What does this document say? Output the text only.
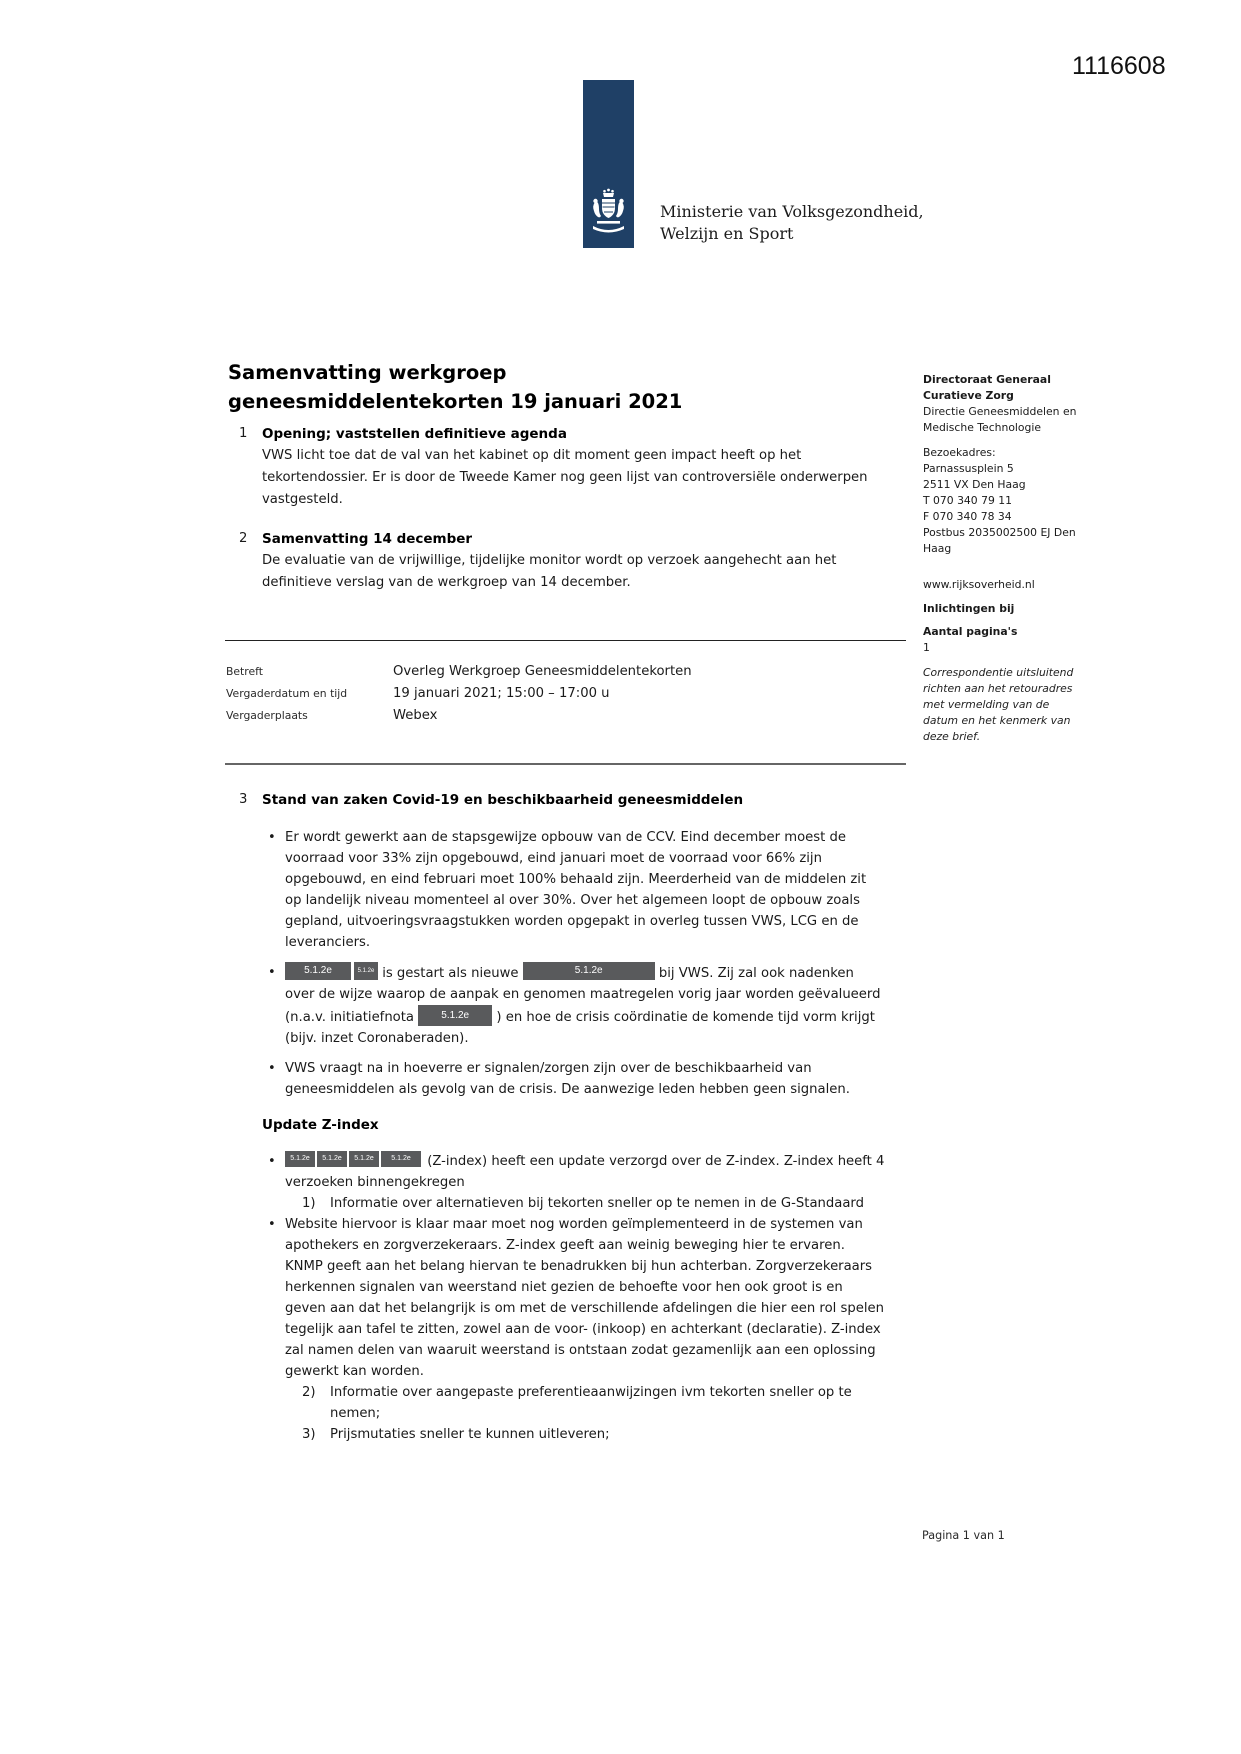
1116608
Ministerie van Volksgezondheid,
Welzijn en Sport
Samenvatting werkgroep
geneesmiddelentekorten 19 januari 2021
1	Opening; vaststellen definitieve agenda
VWS licht toe dat de val van het kabinet op dit moment geen impact heeft op het tekortendossier. Er is door de Tweede Kamer nog geen lijst van controversiële onderwerpen vastgesteld.
2	Samenvatting 14 december
De evaluatie van de vrijwillige, tijdelijke monitor wordt op verzoek aangehecht aan het definitieve verslag van de werkgroep van 14 december.
Betreft	Overleg Werkgroep Geneesmiddelentekorten
Vergaderdatum en tijd	19 januari 2021; 15:00 – 17:00 u
Vergaderplaats	Webex
3	Stand van zaken Covid-19 en beschikbaarheid geneesmiddelen
• Er wordt gewerkt aan de stapsgewijze opbouw van de CCV. Eind december moest de voorraad voor 33% zijn opgebouwd, eind januari moet de voorraad voor 66% zijn opgebouwd, en eind februari moet 100% behaald zijn. Meerderheid van de middelen zit op landelijk niveau momenteel al over 30%. Over het algemeen loopt de opbouw zoals gepland, uitvoeringsvraagstukken worden opgepakt in overleg tussen VWS, LCG en de leveranciers.
•	5.1.2e	5.1.2e is gestart als nieuwe	5.1.2e	bij VWS. Zij zal ook nadenken over de wijze waarop de aanpak en genomen maatregelen vorig jaar worden geëvalueerd (n.a.v. initiatiefnota 5.1.2e ) en hoe de crisis coördinatie de komende tijd vorm krijgt (bijv. inzet Coronaberaden).
• VWS vraagt na in hoeverre er signalen/zorgen zijn over de beschikbaarheid van geneesmiddelen als gevolg van de crisis. De aanwezige leden hebben geen signalen.
Update Z-index
•	5.1.2e 5.1.2e 5.1.2e	5.1.2e (Z-index) heeft een update verzorgd over de Z-index. Z-index heeft 4 verzoeken binnengekregen
1)	Informatie over alternatieven bij tekorten sneller op te nemen in de G-Standaard
• Website hiervoor is klaar maar moet nog worden geïmplementeerd in de systemen van apothekers en zorgverzekeraars. Z-index geeft aan weinig beweging hier te ervaren. KNMP geeft aan het belang hiervan te benadrukken bij hun achterban. Zorgverzekeraars herkennen signalen van weerstand niet gezien de behoefte voor hen ook groot is en geven aan dat het belangrijk is om met de verschillende afdelingen die hier een rol spelen tegelijk aan tafel te zitten, zowel aan de voor- (inkoop) en achterkant (declaratie). Z-index zal namen delen van waaruit weerstand is ontstaan zodat gezamenlijk aan een oplossing gewerkt kan worden.
2)	Informatie over aangepaste preferentieaanwijzingen ivm tekorten sneller op te nemen;
3)	Prijsmutaties sneller te kunnen uitleveren;
Directoraat Generaal
Curatieve Zorg
Directie Geneesmiddelen en Medische Technologie
Bezoekadres:
Parnassusplein 5
2511 VX Den Haag
T 070 340 79 11
F 070 340 78 34
Postbus 2035002500 EJ Den Haag
www.rijksoverheid.nl
Inlichtingen bij
Aantal pagina's
1
Correspondentie uitsluitend richten aan het retouradres met vermelding van de datum en het kenmerk van deze brief.
Pagina 1 van 1
